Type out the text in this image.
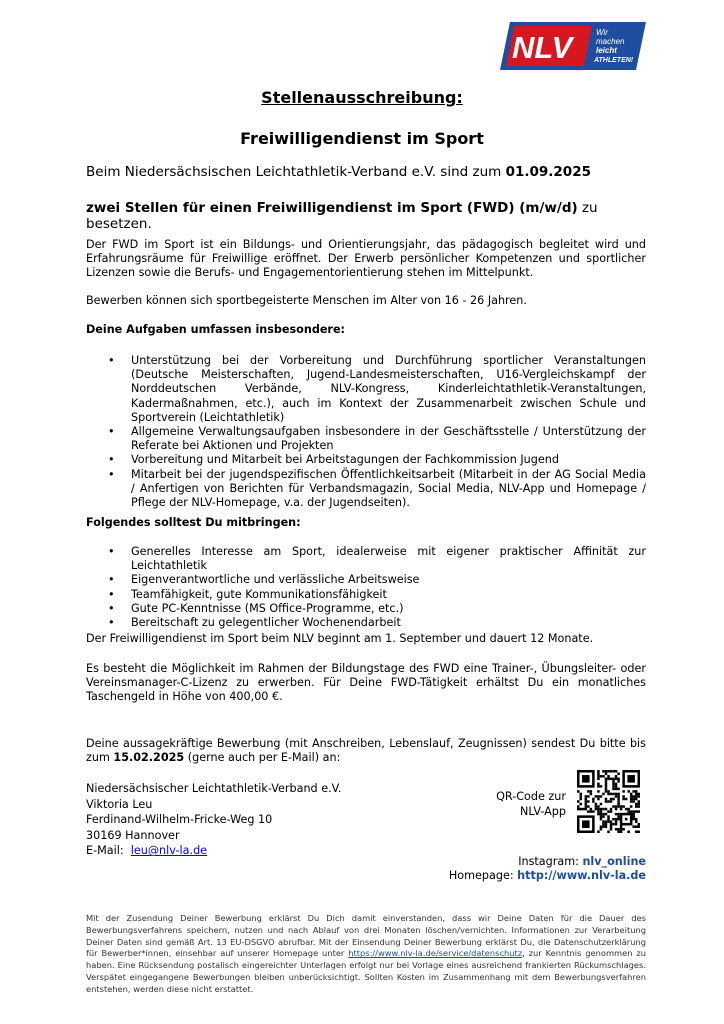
NLV	Wir
machen
leicht
ATHLETEN!
Stellenausschreibung:
Freiwilligendienst im Sport
Beim Niedersächsischen Leichtathletik-Verband e.V. sind zum 01.09.2025
zwei Stellen für einen Freiwilligendienst im Sport (FWD) (m/w/d) zu besetzen.
Der FWD im Sport ist ein Bildungs- und Orientierungsjahr, das pädagogisch begleitet wird und Erfahrungsräume für Freiwillige eröffnet. Der Erwerb persönlicher Kompetenzen und sportlicher Lizenzen sowie die Berufs- und Engagementorientierung stehen im Mittelpunkt.
Bewerben können sich sportbegeisterte Menschen im Alter von 16 - 26 Jahren.
Deine Aufgaben umfassen insbesondere:
• Unterstützung bei der Vorbereitung und Durchführung sportlicher Veranstaltungen (Deutsche Meisterschaften, Jugend-Landesmeisterschaften, U16-Vergleichskampf der Norddeutschen Verbände, NLV-Kongress, Kinderleichtathletik-Veranstaltungen, Kadermaßnahmen, etc.), auch im Kontext der Zusammenarbeit zwischen Schule und Sportverein (Leichtathletik)
• Allgemeine Verwaltungsaufgaben insbesondere in der Geschäftsstelle / Unterstützung der Referate bei Aktionen und Projekten
• Vorbereitung und Mitarbeit bei Arbeitstagungen der Fachkommission Jugend
• Mitarbeit bei der jugendspezifischen Öffentlichkeitsarbeit (Mitarbeit in der AG Social Media / Anfertigen von Berichten für Verbandsmagazin, Social Media, NLV-App und Homepage / Pflege der NLV-Homepage, v.a. der Jugendseiten).
Folgendes solltest Du mitbringen:
• Generelles Interesse am Sport, idealerweise mit eigener praktischer Affinität zur Leichtathletik
• Eigenverantwortliche und verlässliche Arbeitsweise
• Teamfähigkeit, gute Kommunikationsfähigkeit
• Gute PC-Kenntnisse (MS Office-Programme, etc.)
• Bereitschaft zu gelegentlicher Wochenendarbeit
Der Freiwilligendienst im Sport beim NLV beginnt am 1. September und dauert 12 Monate.
Es besteht die Möglichkeit im Rahmen der Bildungstage des FWD eine Trainer-, Übungsleiter- oder Vereinsmanager-C-Lizenz zu erwerben. Für Deine FWD-Tätigkeit erhältst Du ein monatliches Taschengeld in Höhe von 400,00 €.
Deine aussagekräftige Bewerbung (mit Anschreiben, Lebenslauf, Zeugnissen) sendest Du bitte bis zum 15.02.2025 (gerne auch per E-Mail) an:
Niedersächsischer Leichtathletik-Verband e.V.
Viktoria Leu
Ferdinand-Wilhelm-Fricke-Weg 10
30169 Hannover
E-Mail: leu@nlv-la.de
QR-Code zur
NLV-App
Instagram: nlv_online
Homepage: http://www.nlv-la.de
Mit der Zusendung Deiner Bewerbung erklärst Du Dich damit einverstanden, dass wir Deine Daten für die Dauer des Bewerbungsverfahrens speichern, nutzen und nach Ablauf von drei Monaten löschen/vernichten. Informationen zur Verarbeitung Deiner Daten sind gemäß Art. 13 EU-DSGVO abrufbar. Mit der Einsendung Deiner Bewerbung erklärst Du, die Datenschutzerklärung für Bewerber*innen, einsehbar auf unserer Homepage unter https://www.nlv-la.de/service/datenschutz, zur Kenntnis genommen zu haben. Eine Rücksendung postalisch eingereichter Unterlagen erfolgt nur bei Vorlage eines ausreichend frankierten Rückumschlages. Verspätet eingegangene Bewerbungen bleiben unberücksichtigt. Sollten Kosten im Zusammenhang mit dem Bewerbungsverfahren entstehen, werden diese nicht erstattet.
